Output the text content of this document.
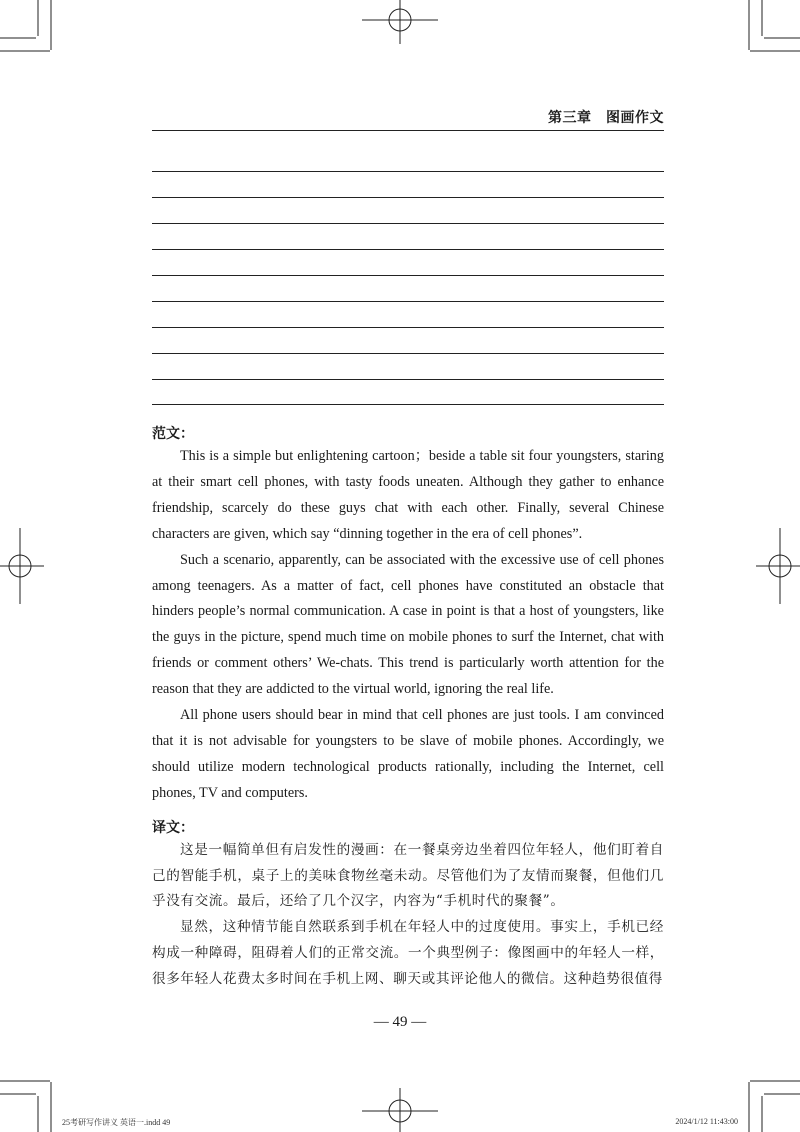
第三章　图画作文
范文：

This is a simple but enlightening cartoon；beside a table sit four youngsters, staring at their smart cell phones, with tasty foods uneaten. Although they gather to enhance friendship, scarcely do these guys chat with each other. Finally, several Chinese characters are given, which say “dinning together in the era of cell phones”.

Such a scenario, apparently, can be associated with the excessive use of cell phones among teenagers. As a matter of fact, cell phones have constituted an obstacle that hinders people’s normal communication. A case in point is that a host of youngsters, like the guys in the picture, spend much time on mobile phones to surf the Internet, chat with friends or comment others’ We-chats. This trend is particularly worth attention for the reason that they are addicted to the virtual world, ignoring the real life.

All phone users should bear in mind that cell phones are just tools. I am convinced that it is not advisable for youngsters to be slave of mobile phones. Accordingly, we should utilize modern technological products rationally, including the Internet, cell phones, TV and computers.

译文：

这是一幅简单但有启发性的漫画：在一餐桌旁边坐着四位年轻人，他们盯着自己的智能手机，桌子上的美味食物丝毫未动。尽管他们为了友情而聚餐，但他们几乎没有交流。最后，还给了几个汉字，内容为“手机时代的聚餐”。

显然，这种情节能自然联系到手机在年轻人中的过度使用。事实上，手机已经构成一种障碍，阻碍着人们的正常交流。一个典型例子：像图画中的年轻人一样，很多年轻人花费太多时间在手机上网、聊天或其评论他人的微信。这种趋势很值得

— 49 —
25考研写作讲义 英语一.indd 49	2024/1/12 11:43:00
